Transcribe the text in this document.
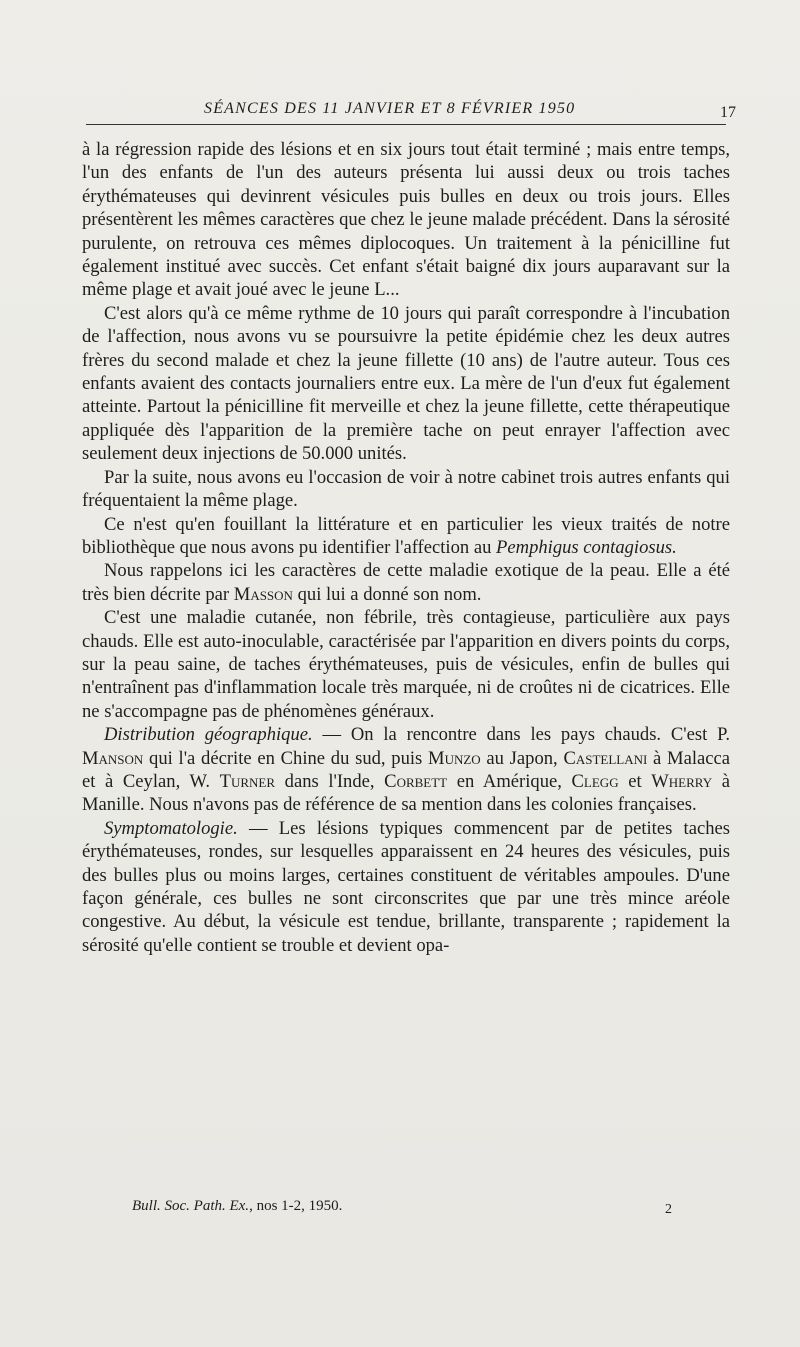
SÉANCES DES 11 JANVIER ET 8 FÉVRIER 1950	17

à la régression rapide des lésions et en six jours tout était terminé ; mais entre temps, l'un des enfants de l'un des auteurs présenta lui aussi deux ou trois taches érythémateuses qui devinrent vésicules puis bulles en deux ou trois jours. Elles présentèrent les mêmes caractères que chez le jeune malade précédent. Dans la sérosité purulente, on retrouva ces mêmes diplocoques. Un traitement à la pénicilline fut également institué avec succès. Cet enfant s'était baigné dix jours auparavant sur la même plage et avait joué avec le jeune L...

C'est alors qu'à ce même rythme de 10 jours qui paraît correspondre à l'incubation de l'affection, nous avons vu se poursuivre la petite épidémie chez les deux autres frères du second malade et chez la jeune fillette (10 ans) de l'autre auteur. Tous ces enfants avaient des contacts journaliers entre eux. La mère de l'un d'eux fut également atteinte. Partout la pénicilline fit merveille et chez la jeune fillette, cette thérapeutique appliquée dès l'apparition de la première tache on peut enrayer l'affection avec seulement deux injections de 50.000 unités.

Par la suite, nous avons eu l'occasion de voir à notre cabinet trois autres enfants qui fréquentaient la même plage.

Ce n'est qu'en fouillant la littérature et en particulier les vieux traités de notre bibliothèque que nous avons pu identifier l'affection au Pemphigus contagiosus.

Nous rappelons ici les caractères de cette maladie exotique de la peau. Elle a été très bien décrite par Masson qui lui a donné son nom.

C'est une maladie cutanée, non fébrile, très contagieuse, particulière aux pays chauds. Elle est auto-inoculable, caractérisée par l'apparition en divers points du corps, sur la peau saine, de taches érythémateuses, puis de vésicules, enfin de bulles qui n'entraînent pas d'inflammation locale très marquée, ni de croûtes ni de cicatrices. Elle ne s'accompagne pas de phénomènes généraux.

Distribution géographique. — On la rencontre dans les pays chauds. C'est P. Manson qui l'a décrite en Chine du sud, puis Munzo au Japon, Castellani à Malacca et à Ceylan, W. Turner dans l'Inde, Corbett en Amérique, Clegg et Wherry à Manille. Nous n'avons pas de référence de sa mention dans les colonies françaises.

Symptomatologie. — Les lésions typiques commencent par de petites taches érythémateuses, rondes, sur lesquelles apparaissent en 24 heures des vésicules, puis des bulles plus ou moins larges, certaines constituent de véritables ampoules. D'une façon générale, ces bulles ne sont circonscrites que par une très mince aréole congestive. Au début, la vésicule est tendue, brillante, transparente ; rapidement la sérosité qu'elle contient se trouble et devient opa-

Bull. Soc. Path. Ex., nos 1-2, 1950.	2
